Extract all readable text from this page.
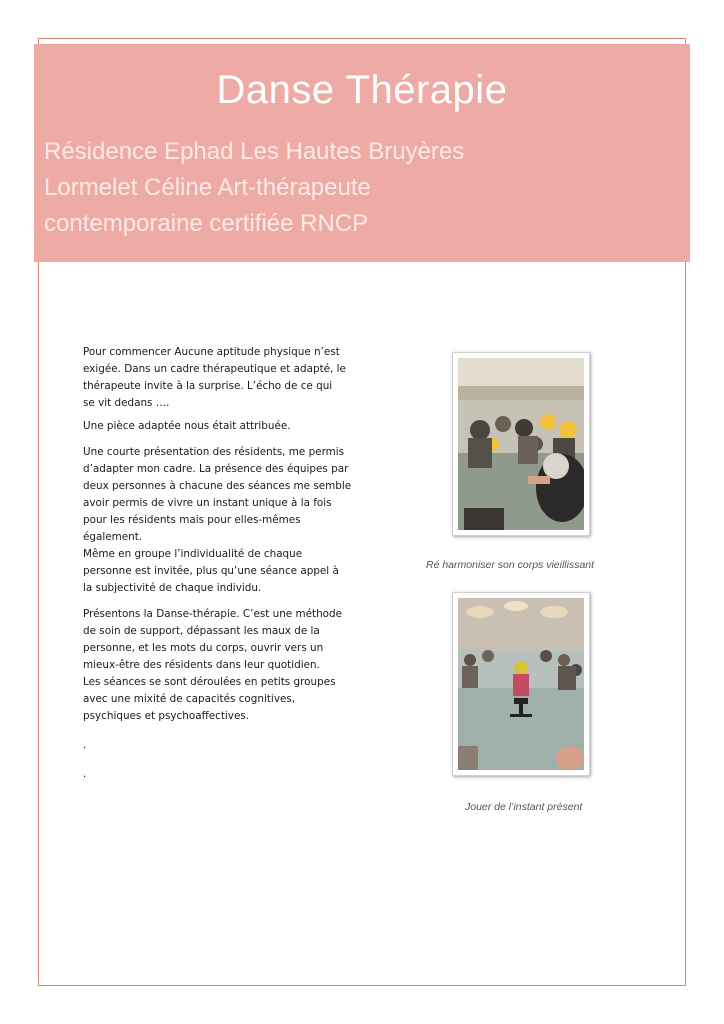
Danse Thérapie
Résidence Ephad Les Hautes Bruyères
Lormelet Céline Art-thérapeute
contemporaine certifiée RNCP

Pour commencer Aucune aptitude physique n’est
exigée. Dans un cadre thérapeutique et adapté, le
thérapeute invite à la surprise. L’écho de ce qui
se vit dedans ….

Une pièce adaptée nous était attribuée.

Une courte présentation des résidents, me permis
d’adapter mon cadre. La présence des équipes par
deux personnes à chacune des séances me semble
avoir permis de vivre un instant unique à la fois
pour les résidents mais pour elles-mêmes
également.
Même en groupe l’individualité de chaque
personne est invitée, plus qu’une séance appel à
la subjectivité de chaque individu.

Présentons la Danse-thérapie. C’est une méthode
de soin de support, dépassant les maux de la
personne, et les mots du corps, ouvrir vers un
mieux-être des résidents dans leur quotidien.
Les séances se sont déroulées en petits groupes
avec une mixité de capacités cognitives,
psychiques et psychoaffectives.

.

.

Ré harmoniser son corps vieillissant
Jouer de l’instant présent
